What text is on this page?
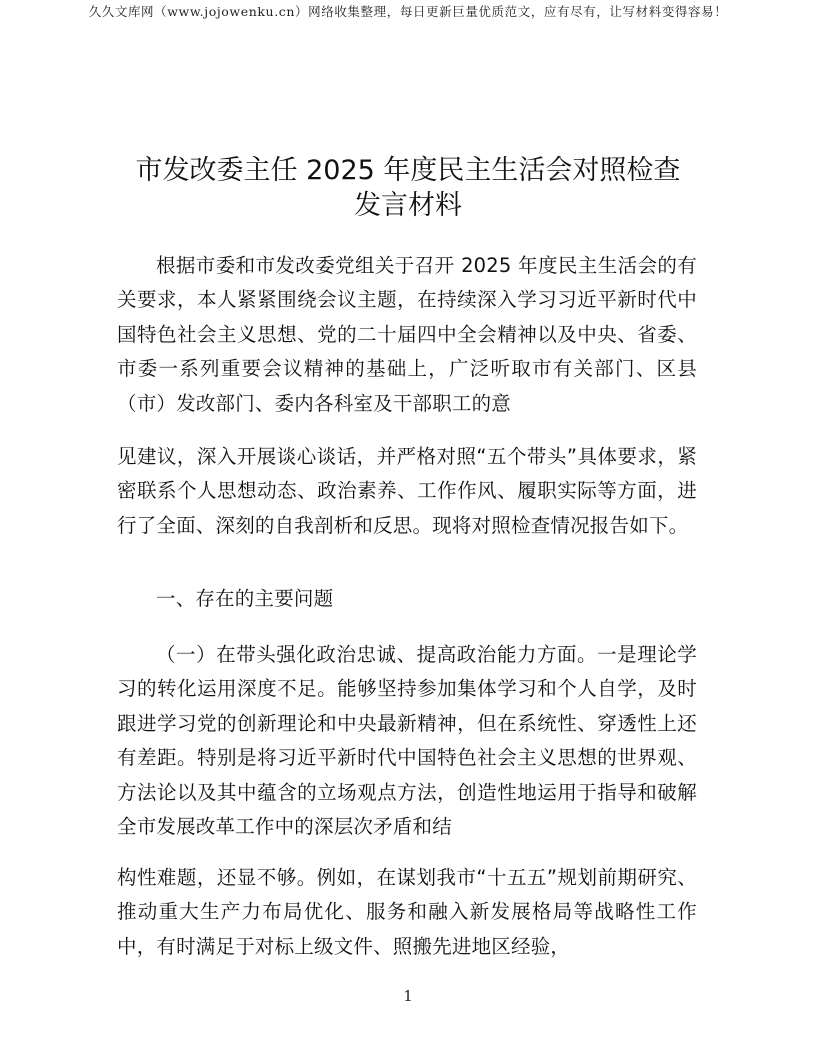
久久文库网（www.jojowenku.cn）网络收集整理，每日更新巨量优质范文，应有尽有，让写材料变得容易！
市发改委主任 2025 年度民主生活会对照检查
发言材料

根据市委和市发改委党组关于召开 2025 年度民主生活会的有关要求，本人紧紧围绕会议主题，在持续深入学习习近平新时代中国特色社会主义思想、党的二十届四中全会精神以及中央、省委、市委一系列重要会议精神的基础上，广泛听取市有关部门、区县（市）发改部门、委内各科室及干部职工的意

见建议，深入开展谈心谈话，并严格对照“五个带头”具体要求，紧密联系个人思想动态、政治素养、工作作风、履职实际等方面，进行了全面、深刻的自我剖析和反思。现将对照检查情况报告如下。

一、存在的主要问题

（一）在带头强化政治忠诚、提高政治能力方面。一是理论学习的转化运用深度不足。能够坚持参加集体学习和个人自学，及时跟进学习党的创新理论和中央最新精神，但在系统性、穿透性上还有差距。特别是将习近平新时代中国特色社会主义思想的世界观、方法论以及其中蕴含的立场观点方法，创造性地运用于指导和破解全市发展改革工作中的深层次矛盾和结

构性难题，还显不够。例如，在谋划我市“十五五”规划前期研究、推动重大生产力布局优化、服务和融入新发展格局等战略性工作中，有时满足于对标上级文件、照搬先进地区经验，

1
